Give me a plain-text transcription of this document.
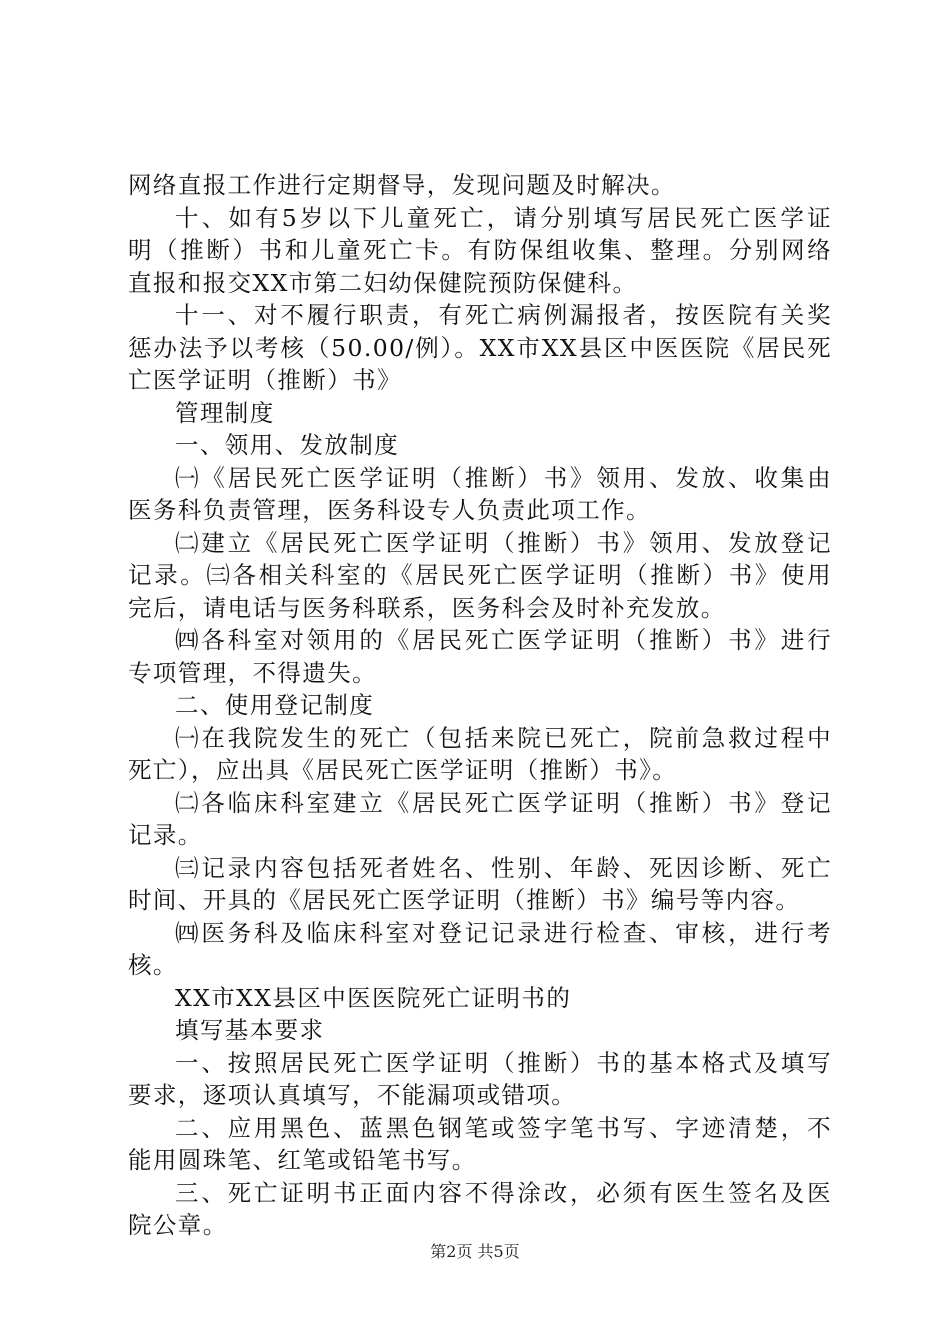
网络直报工作进行定期督导，发现问题及时解决。
十、如有5岁以下儿童死亡，请分别填写居民死亡医学证
明（推断）书和儿童死亡卡。有防保组收集、整理。分别网络
直报和报交XX市第二妇幼保健院预防保健科。
十一、对不履行职责，有死亡病例漏报者，按医院有关奖
惩办法予以考核（50.00/例）。XX市XX县区中医医院《居民死
亡医学证明（推断）书》
管理制度
一、领用、发放制度
㈠《居民死亡医学证明（推断）书》领用、发放、收集由
医务科负责管理，医务科设专人负责此项工作。
㈡建立《居民死亡医学证明（推断）书》领用、发放登记
记录。㈢各相关科室的《居民死亡医学证明（推断）书》使用
完后，请电话与医务科联系，医务科会及时补充发放。
㈣各科室对领用的《居民死亡医学证明（推断）书》进行
专项管理，不得遗失。
二、使用登记制度
㈠在我院发生的死亡（包括来院已死亡，院前急救过程中
死亡），应出具《居民死亡医学证明（推断）书》。
㈡各临床科室建立《居民死亡医学证明（推断）书》登记
记录。
㈢记录内容包括死者姓名、性别、年龄、死因诊断、死亡
时间、开具的《居民死亡医学证明（推断）书》编号等内容。
㈣医务科及临床科室对登记记录进行检查、审核，进行考
核。
XX市XX县区中医医院死亡证明书的
填写基本要求
一、按照居民死亡医学证明（推断）书的基本格式及填写
要求，逐项认真填写，不能漏项或错项。
二、应用黑色、蓝黑色钢笔或签字笔书写、字迹清楚，不
能用圆珠笔、红笔或铅笔书写。
三、死亡证明书正面内容不得涂改，必须有医生签名及医
院公章。
第2页 共5页
